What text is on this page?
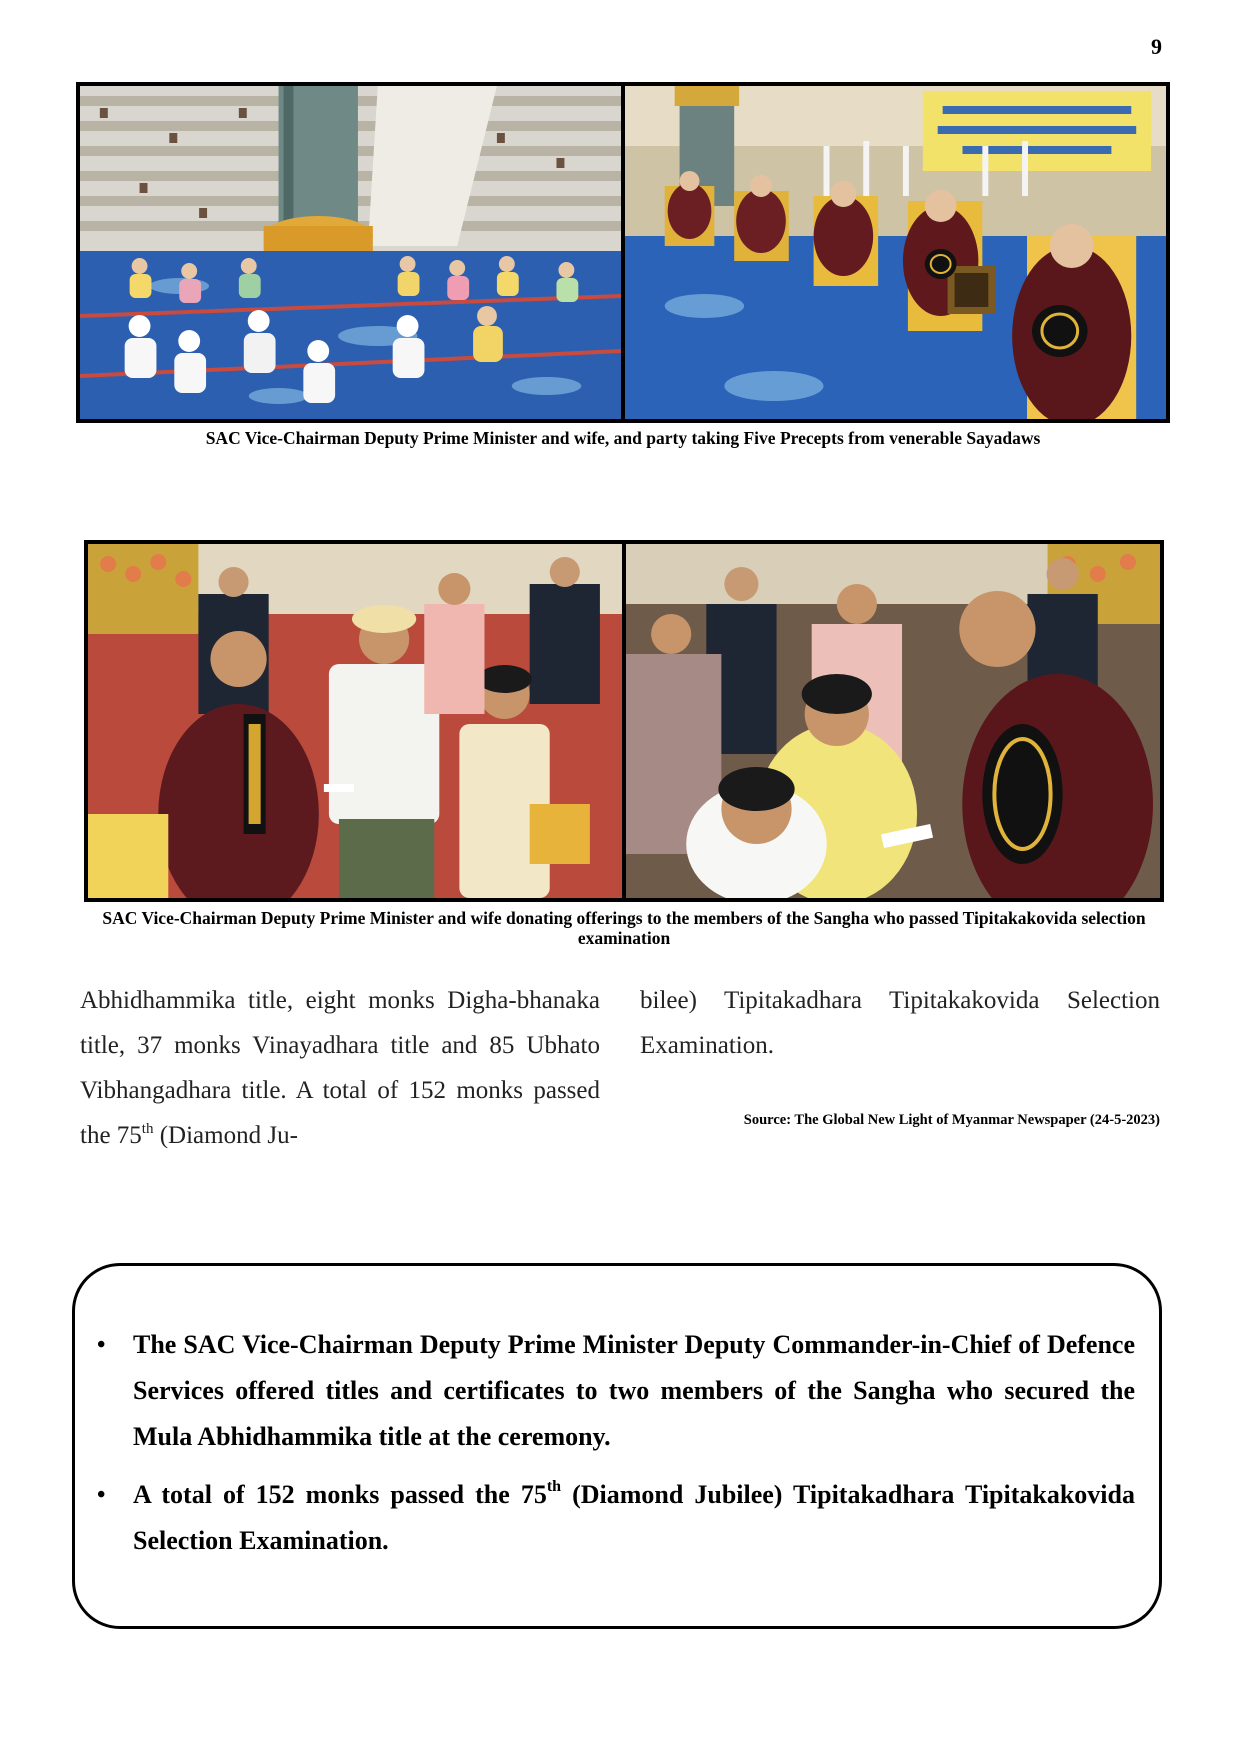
9
SAC Vice-Chairman Deputy Prime Minister and wife, and party taking Five Precepts from venerable Sayadaws
SAC Vice-Chairman Deputy Prime Minister and wife donating offerings to the members of the Sangha who passed Tipitakakovida selection examination
Abhidhammika title, eight monks Digha-bhanaka title, 37 monks Vinayadhara title and 85 Ubhato Vibhangadhara title. A total of 152 monks passed the 75th (Diamond Ju-
bilee) Tipitakadhara Tipitakakovida Selection Examination.
Source: The Global New Light of Myanmar Newspaper (24-5-2023)
• The SAC Vice-Chairman Deputy Prime Minister Deputy Commander-in-Chief of Defence Services offered titles and certificates to two members of the Sangha who secured the Mula Abhidhammika title at the ceremony.
• A total of 152 monks passed the 75th (Diamond Jubilee) Tipitakadhara Tipitakakovida Selection Examination.
